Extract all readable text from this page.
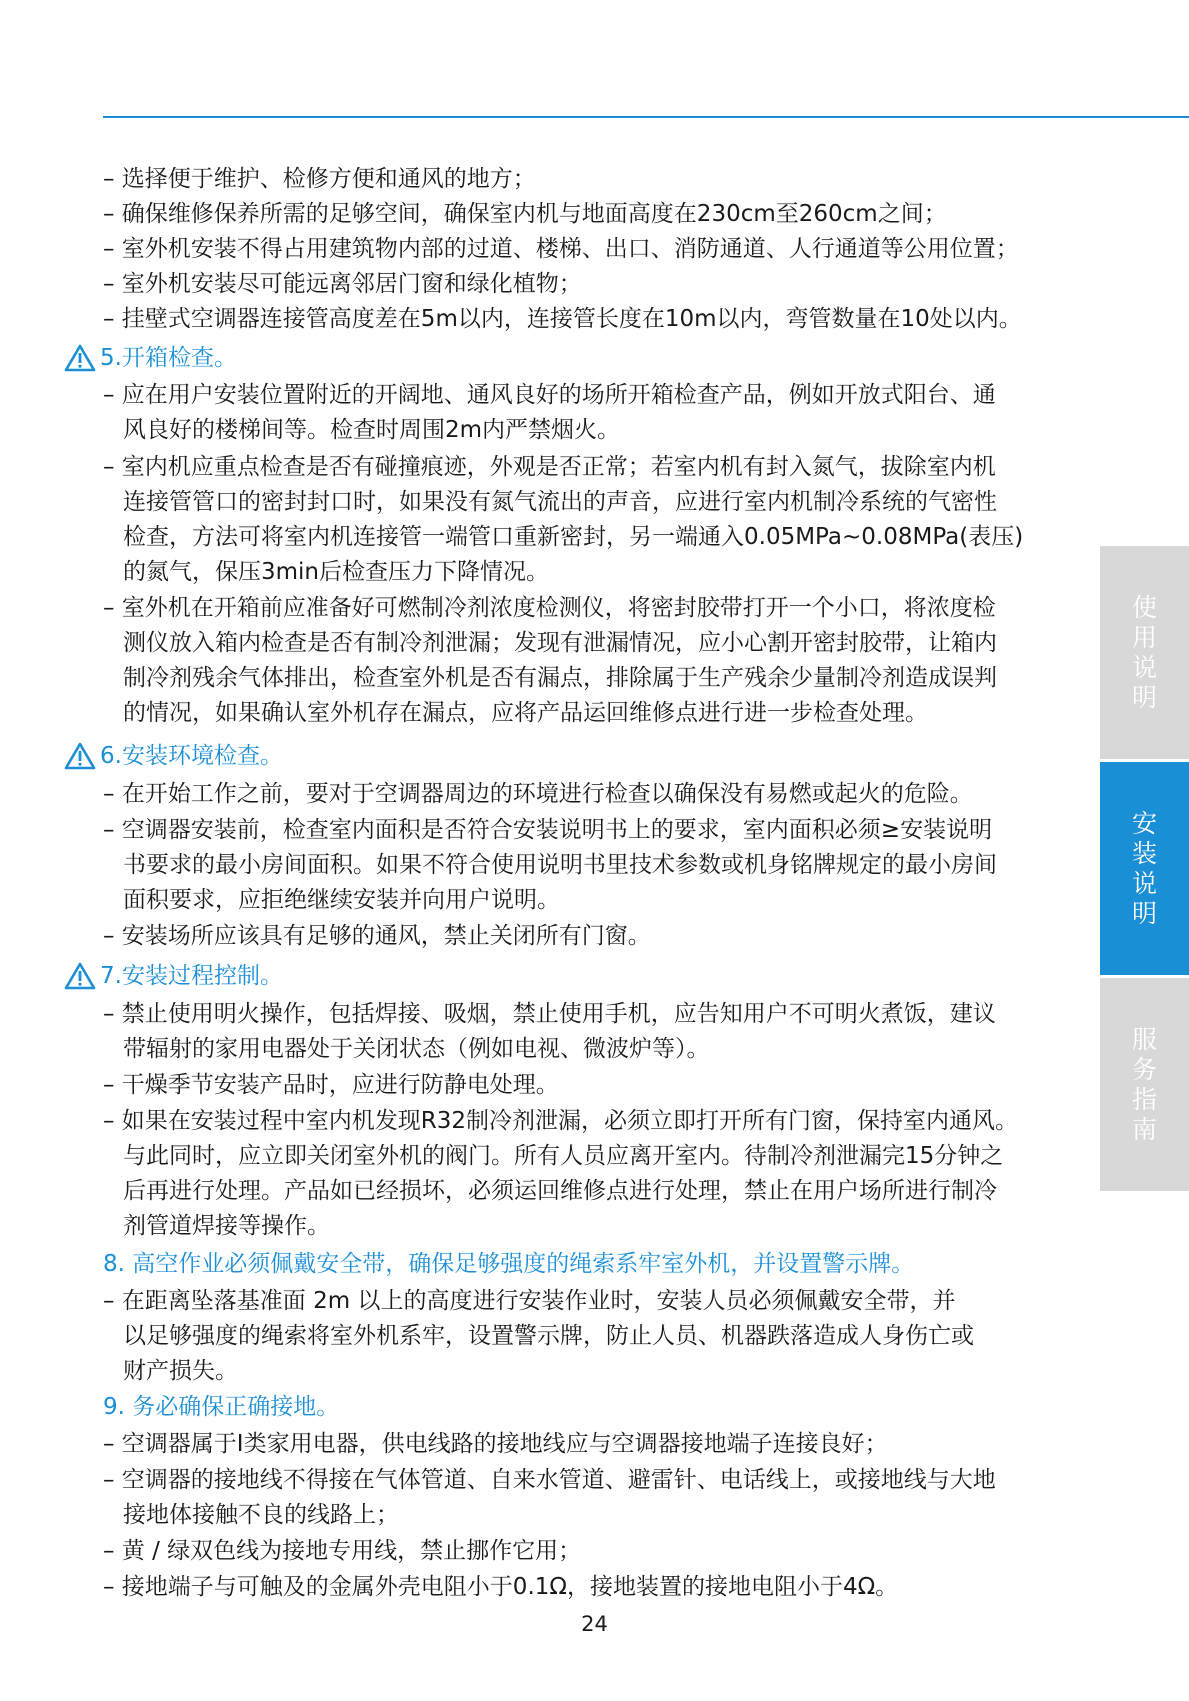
– 选择便于维护、检修方便和通风的地方；
– 确保维修保养所需的足够空间，确保室内机与地面高度在230cm至260cm之间；
– 室外机安装不得占用建筑物内部的过道、楼梯、出口、消防通道、人行通道等公用位置；
– 室外机安装尽可能远离邻居门窗和绿化植物；
– 挂壁式空调器连接管高度差在5m以内，连接管长度在10m以内，弯管数量在10处以内。
5.开箱检查。
– 应在用户安装位置附近的开阔地、通风良好的场所开箱检查产品，例如开放式阳台、通
风良好的楼梯间等。检查时周围2m内严禁烟火。
– 室内机应重点检查是否有碰撞痕迹，外观是否正常；若室内机有封入氮气，拔除室内机
连接管管口的密封封口时，如果没有氮气流出的声音，应进行室内机制冷系统的气密性
检查，方法可将室内机连接管一端管口重新密封，另一端通入0.05MPa~0.08MPa(表压)
的氮气，保压3min后检查压力下降情况。
– 室外机在开箱前应准备好可燃制冷剂浓度检测仪，将密封胶带打开一个小口，将浓度检
测仪放入箱内检查是否有制冷剂泄漏；发现有泄漏情况，应小心割开密封胶带，让箱内
制冷剂残余气体排出，检查室外机是否有漏点，排除属于生产残余少量制冷剂造成误判
的情况，如果确认室外机存在漏点，应将产品运回维修点进行进一步检查处理。
6.安装环境检查。
– 在开始工作之前，要对于空调器周边的环境进行检查以确保没有易燃或起火的危险。
– 空调器安装前，检查室内面积是否符合安装说明书上的要求，室内面积必须≥安装说明
书要求的最小房间面积。如果不符合使用说明书里技术参数或机身铭牌规定的最小房间
面积要求，应拒绝继续安装并向用户说明。
– 安装场所应该具有足够的通风，禁止关闭所有门窗。
7.安装过程控制。
– 禁止使用明火操作，包括焊接、吸烟，禁止使用手机，应告知用户不可明火煮饭，建议
带辐射的家用电器处于关闭状态（例如电视、微波炉等）。
– 干燥季节安装产品时，应进行防静电处理。
– 如果在安装过程中室内机发现R32制冷剂泄漏，必须立即打开所有门窗，保持室内通风。
与此同时，应立即关闭室外机的阀门。所有人员应离开室内。待制冷剂泄漏完15分钟之
后再进行处理。产品如已经损坏，必须运回维修点进行处理，禁止在用户场所进行制冷
剂管道焊接等操作。
8. 高空作业必须佩戴安全带，确保足够强度的绳索系牢室外机，并设置警示牌。
– 在距离坠落基准面 2m 以上的高度进行安装作业时，安装人员必须佩戴安全带，并
以足够强度的绳索将室外机系牢，设置警示牌，防止人员、机器跌落造成人身伤亡或
财产损失。
9. 务必确保正确接地。
– 空调器属于Ⅰ类家用电器，供电线路的接地线应与空调器接地端子连接良好；
– 空调器的接地线不得接在气体管道、自来水管道、避雷针、电话线上，或接地线与大地
接地体接触不良的线路上；
– 黄 / 绿双色线为接地专用线，禁止挪作它用；
– 接地端子与可触及的金属外壳电阻小于0.1Ω，接地装置的接地电阻小于4Ω。
使
用
说
明
安
装
说
明
服
务
指
南
24
